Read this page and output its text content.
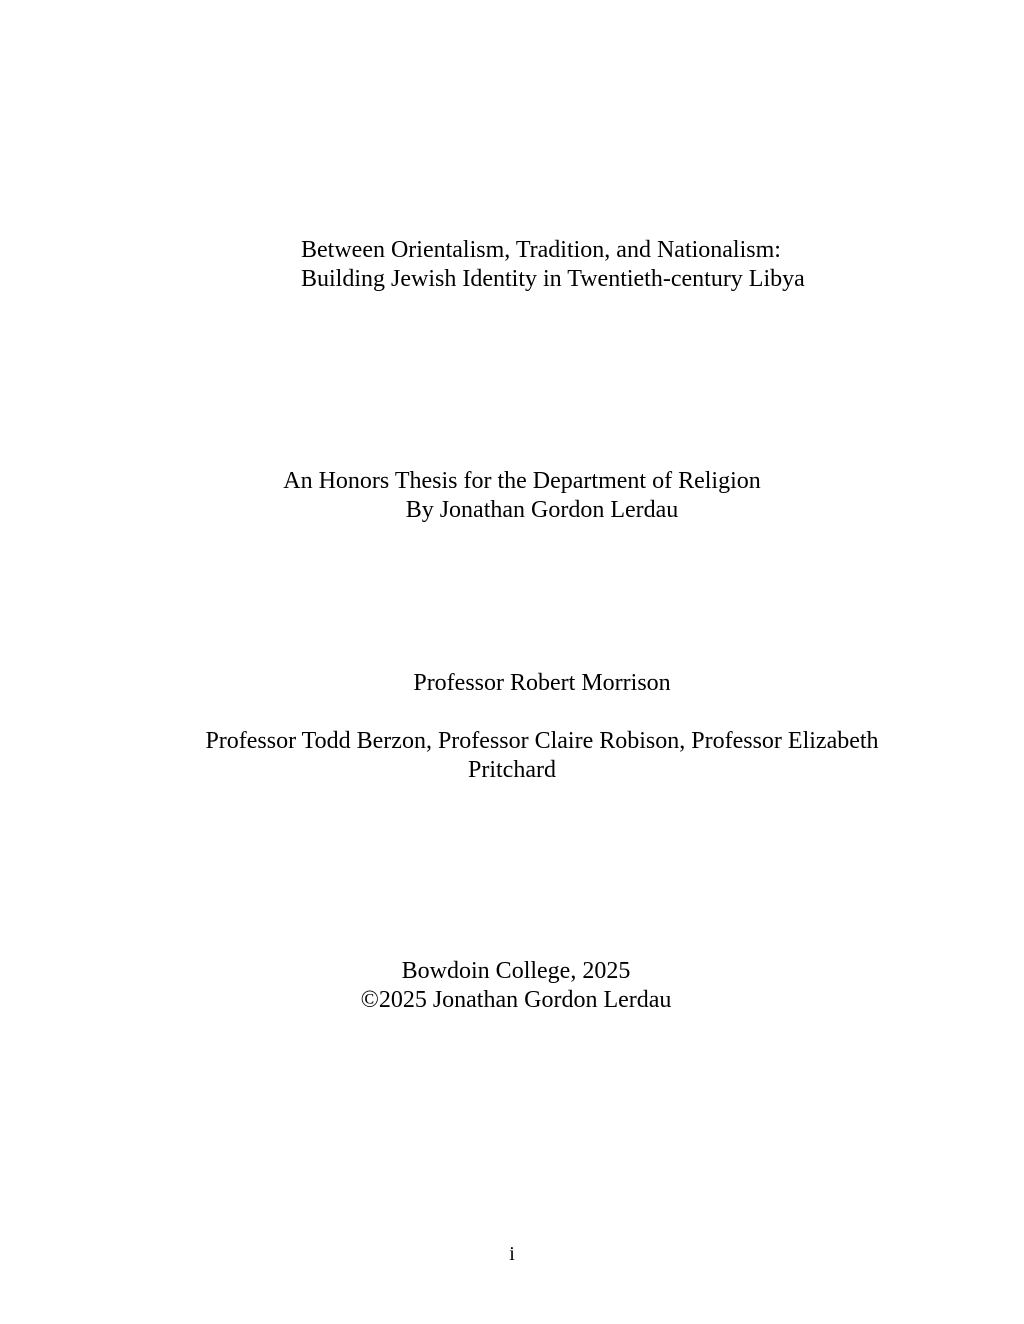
Between Orientalism, Tradition, and Nationalism:
Building Jewish Identity in Twentieth-century Libya
An Honors Thesis for the Department of Religion
By Jonathan Gordon Lerdau
Professor Robert Morrison
Professor Todd Berzon, Professor Claire Robison, Professor Elizabeth
Pritchard
Bowdoin College, 2025
©2025 Jonathan Gordon Lerdau
i
